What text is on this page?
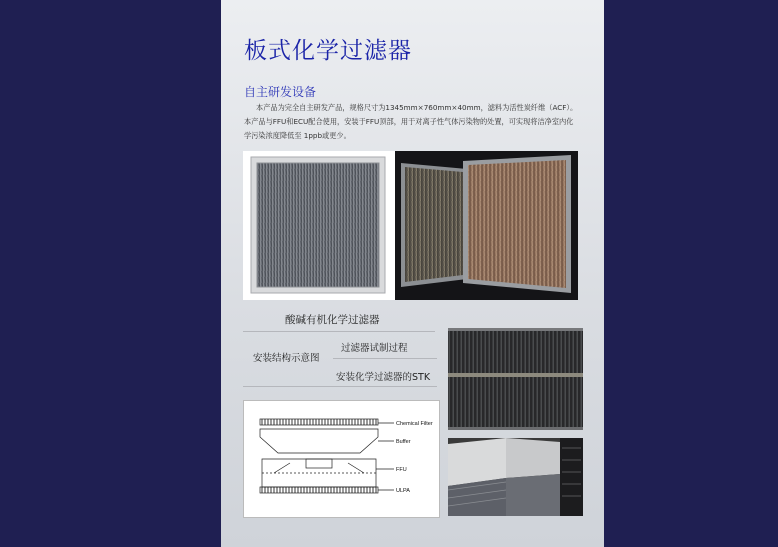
板式化学过滤器
自主研发设备

本产品为完全自主研发产品，规格尺寸为1345mm×760mm×40mm，滤料为活性炭纤维（ACF）。本产品与FFU和ECU配合使用，安装于FFU顶部，用于对离子性气体污染物的处置，可实现将洁净室内化学污染浓度降低至 1ppb或更少。

酸碱有机化学过滤器
安装结构示意图
过滤器试制过程
安装化学过滤器的STK
Chemical Filter
Buffer
FFU
ULPA
